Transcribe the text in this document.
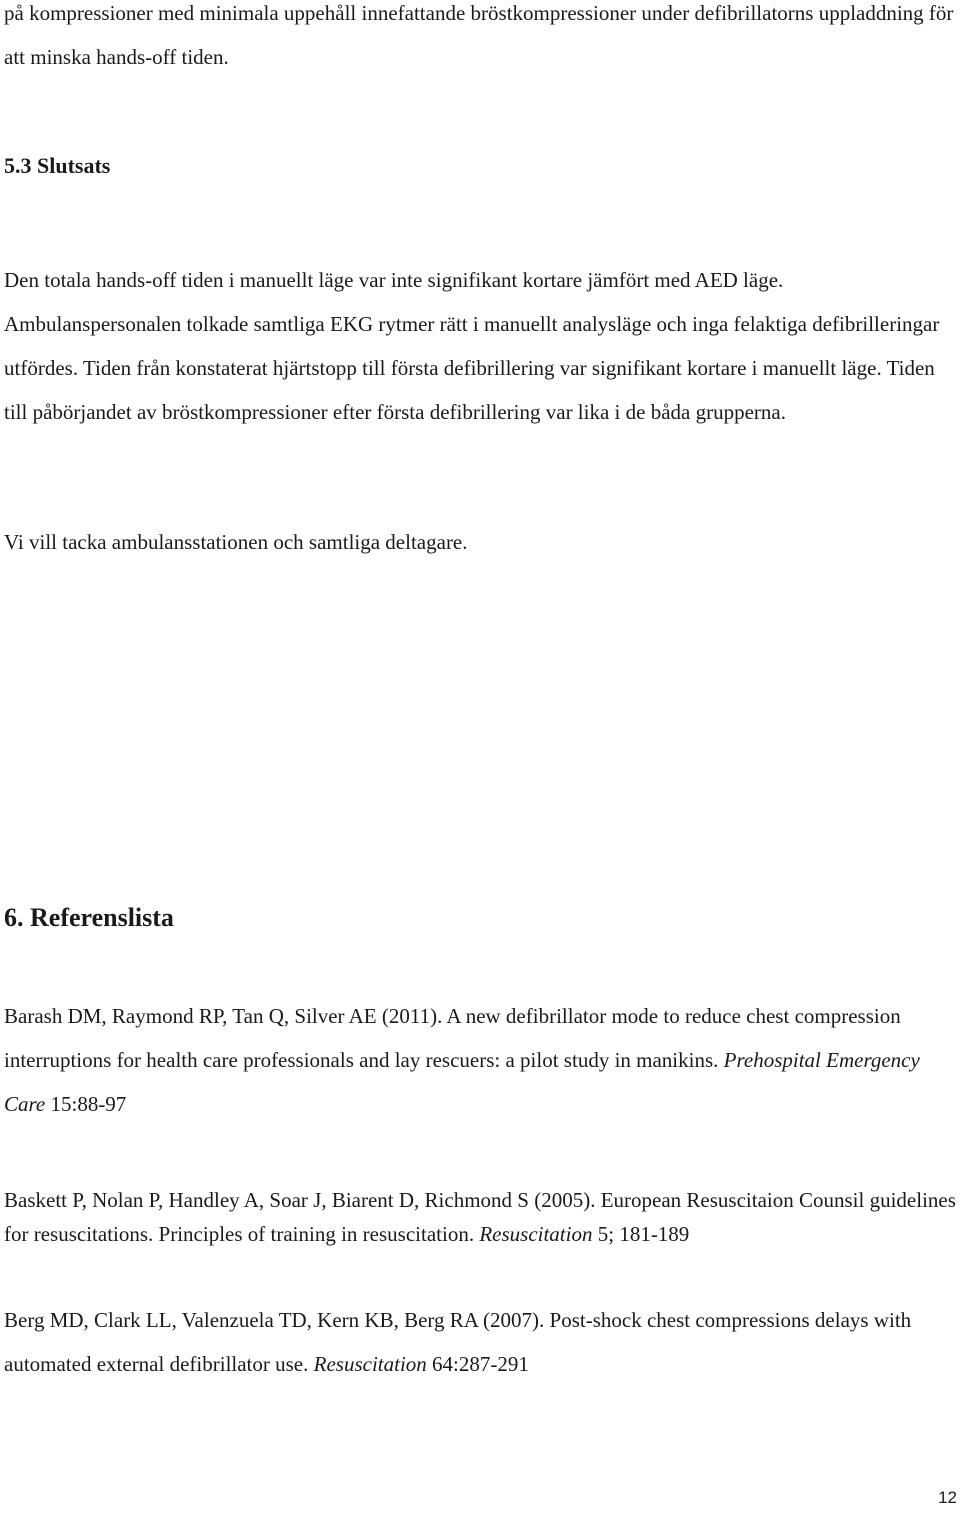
på kompressioner med minimala uppehåll innefattande bröstkompressioner under defibrillatorns uppladdning för att minska hands-off tiden.

5.3 Slutsats

Den totala hands-off tiden i manuellt läge var inte signifikant kortare jämfört med AED läge. Ambulanspersonalen tolkade samtliga EKG rytmer rätt i manuellt analysläge och inga felaktiga defibrilleringar utfördes. Tiden från konstaterat hjärtstopp till första defibrillering var signifikant kortare i manuellt läge. Tiden till påbörjandet av bröstkompressioner efter första defibrillering var lika i de båda grupperna.

Vi vill tacka ambulansstationen och samtliga deltagare.

6. Referenslista
Barash DM, Raymond RP, Tan Q, Silver AE (2011). A new defibrillator mode to reduce chest compression interruptions for health care professionals and lay rescuers: a pilot study in manikins. Prehospital Emergency Care 15:88-97
Baskett P, Nolan P, Handley A, Soar J, Biarent D, Richmond S (2005). European Resuscitaion Counsil guidelines for resuscitations. Principles of training in resuscitation. Resuscitation 5; 181-189
Berg MD, Clark LL, Valenzuela TD, Kern KB, Berg RA (2007). Post-shock chest compressions delays with automated external defibrillator use. Resuscitation 64:287-291
12
